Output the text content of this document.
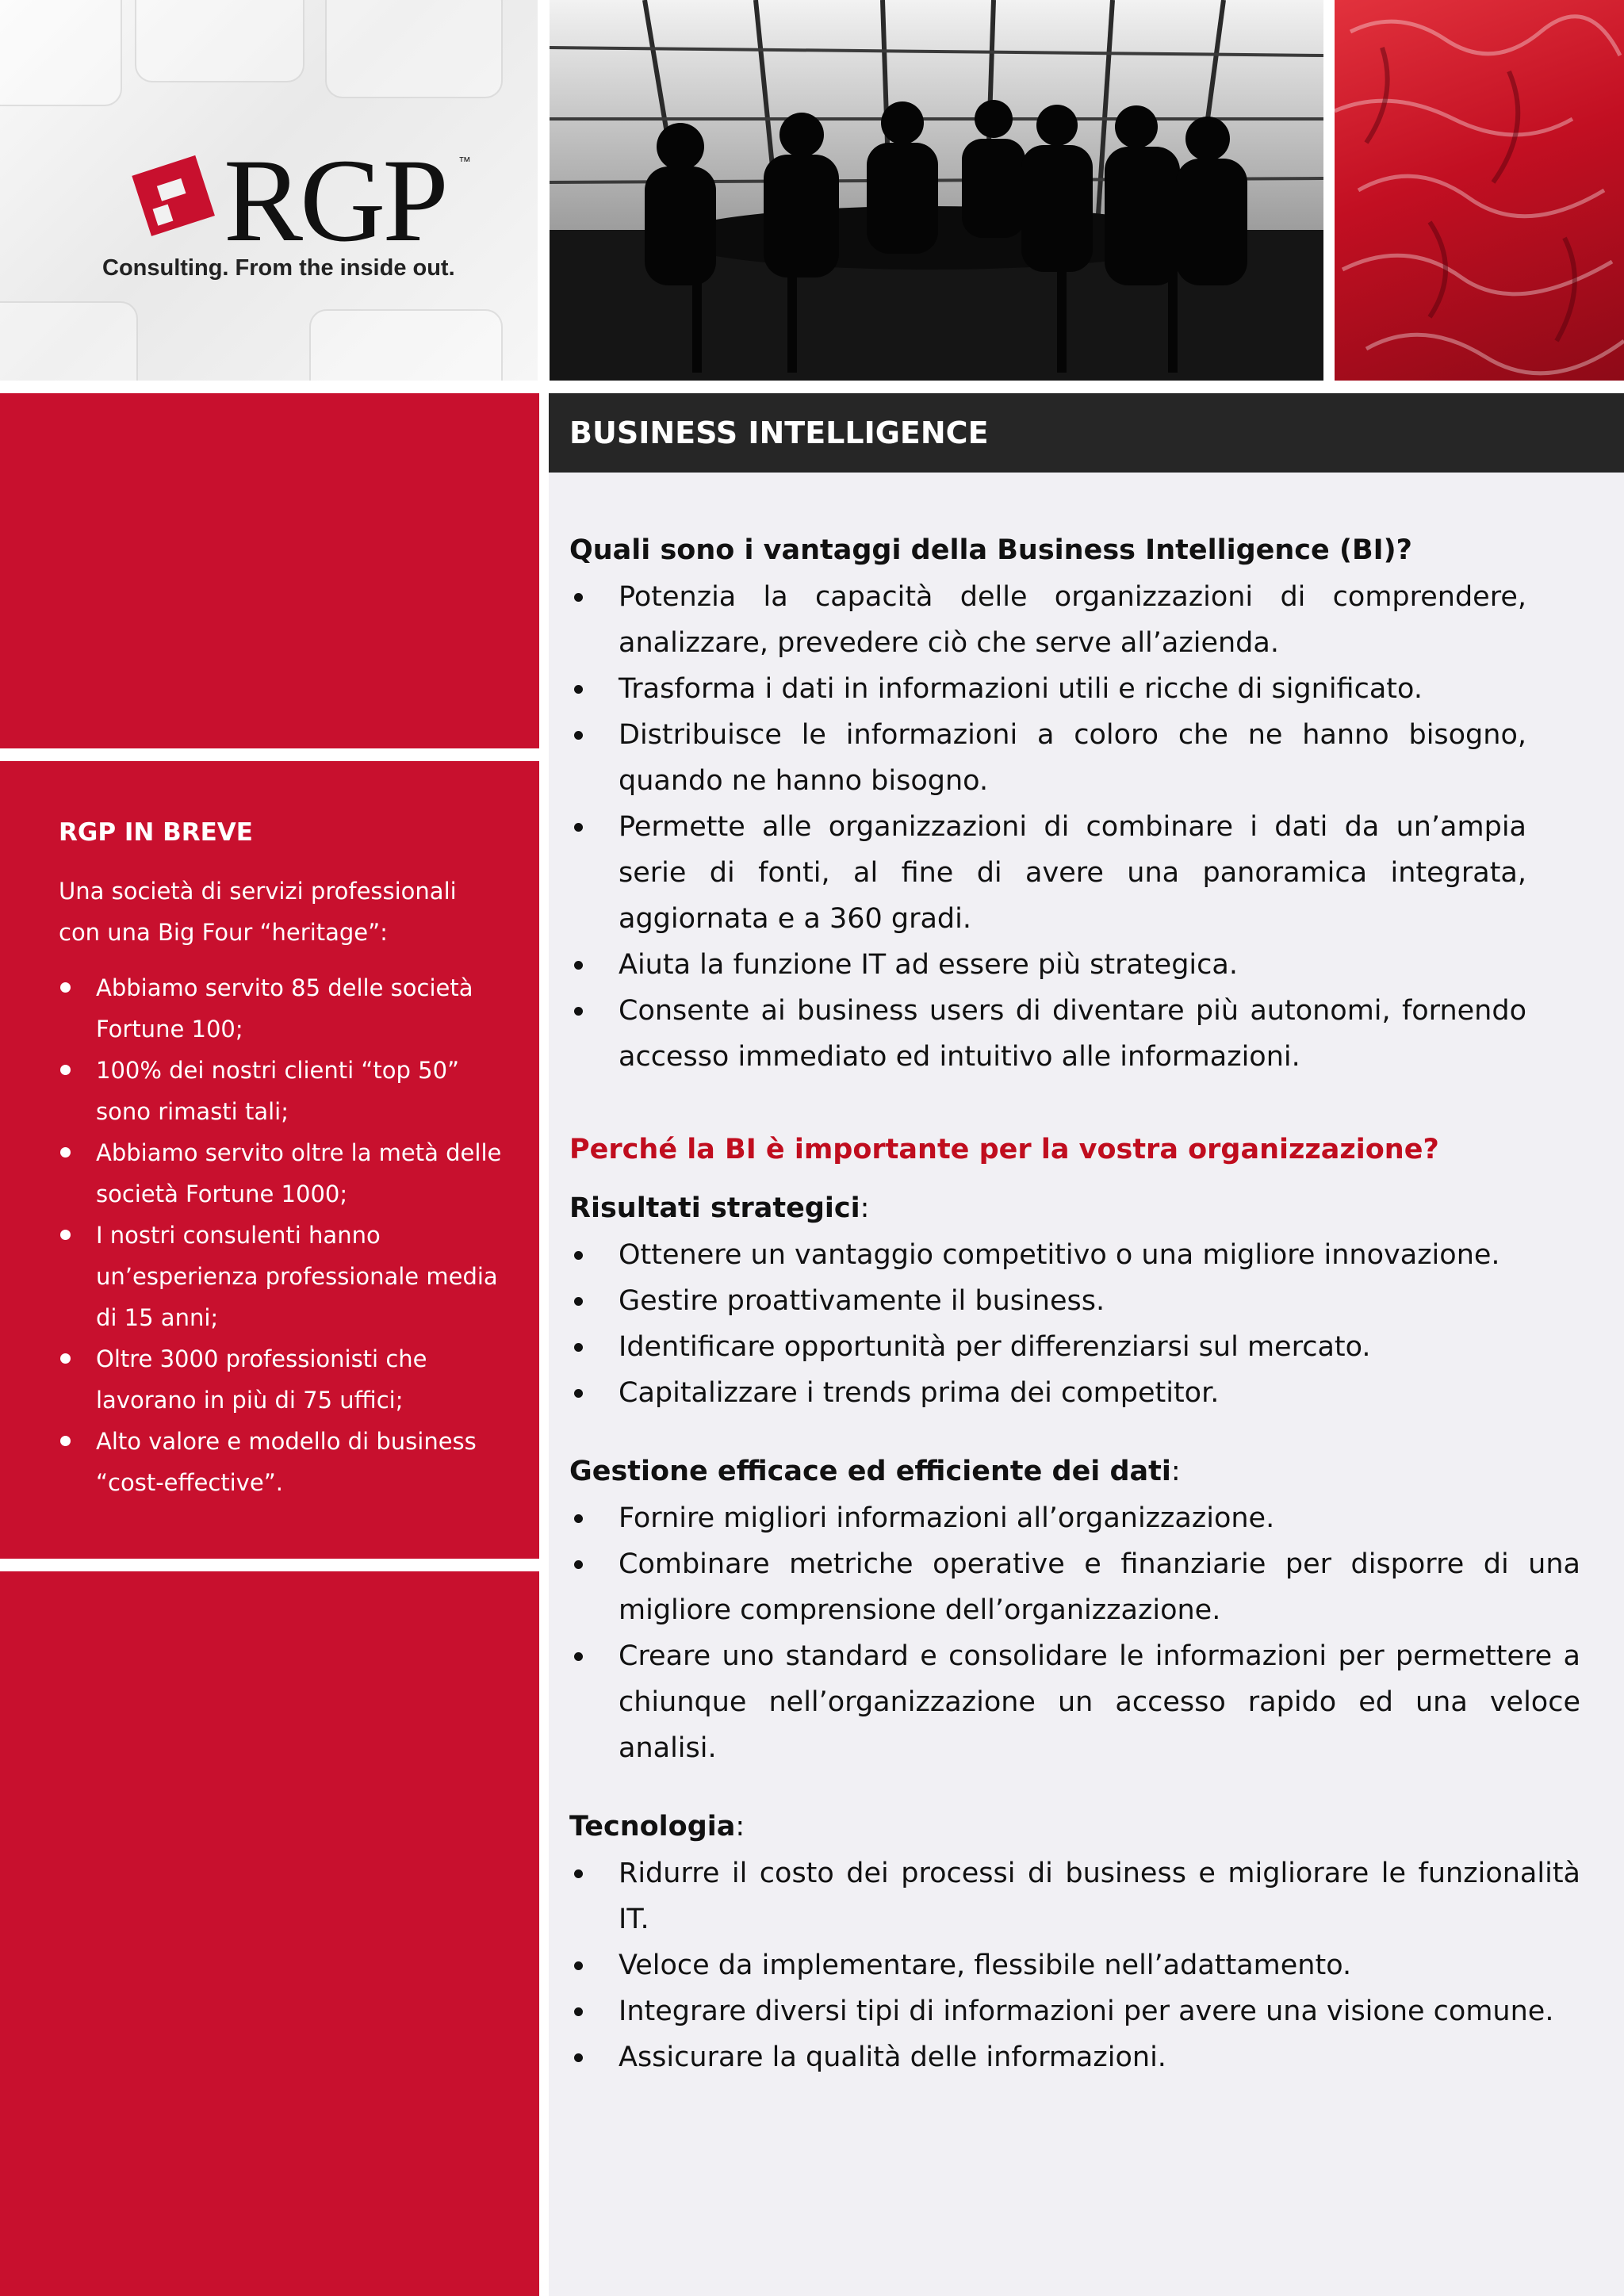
RGP ™
Consulting. From the inside out.
RGP IN BREVE

Una società di servizi professionali con una Big Four “heritage”:

Abbiamo servito 85 delle società Fortune 100;
100% dei nostri clienti “top 50” sono rimasti tali;
Abbiamo servito oltre la metà delle società Fortune 1000;
I nostri consulenti hanno un’esperienza professionale media di 15 anni;
Oltre 3000 professionisti che lavorano in più di 75 uffici;
Alto valore e modello di business “cost-effective”.
BUSINESS INTELLIGENCE
Quali sono i vantaggi della Business Intelligence (BI)?
Potenzia la capacità delle organizzazioni di comprendere, analizzare, prevedere ciò che serve all’azienda.
Trasforma i dati in informazioni utili e ricche di significato.
Distribuisce le informazioni a coloro che ne hanno bisogno, quando ne hanno bisogno.
Permette alle organizzazioni di combinare i dati da un’ampia serie di fonti, al fine di avere una panoramica integrata, aggiornata e a 360 gradi.
Aiuta la funzione IT ad essere più strategica.
Consente ai business users di diventare più autonomi, fornendo accesso immediato ed intuitivo alle informazioni.
Perché la BI è importante per la vostra organizzazione?

Risultati strategici:

Ottenere un vantaggio competitivo o una migliore innovazione.
Gestire proattivamente il business.
Identificare opportunità per differenziarsi sul mercato.
Capitalizzare i trends prima dei competitor.

Gestione efficace ed efficiente dei dati:

Fornire migliori informazioni all’organizzazione.
Combinare metriche operative e finanziarie per disporre di una migliore comprensione dell’organizzazione.
Creare uno standard e consolidare le informazioni per permettere a chiunque nell’organizzazione un accesso rapido ed una veloce analisi.

Tecnologia:

Ridurre il costo dei processi di business e migliorare le funzionalità IT.
Veloce da implementare, flessibile nell’adattamento.
Integrare diversi tipi di informazioni per avere una visione comune.
Assicurare la qualità delle informazioni.
